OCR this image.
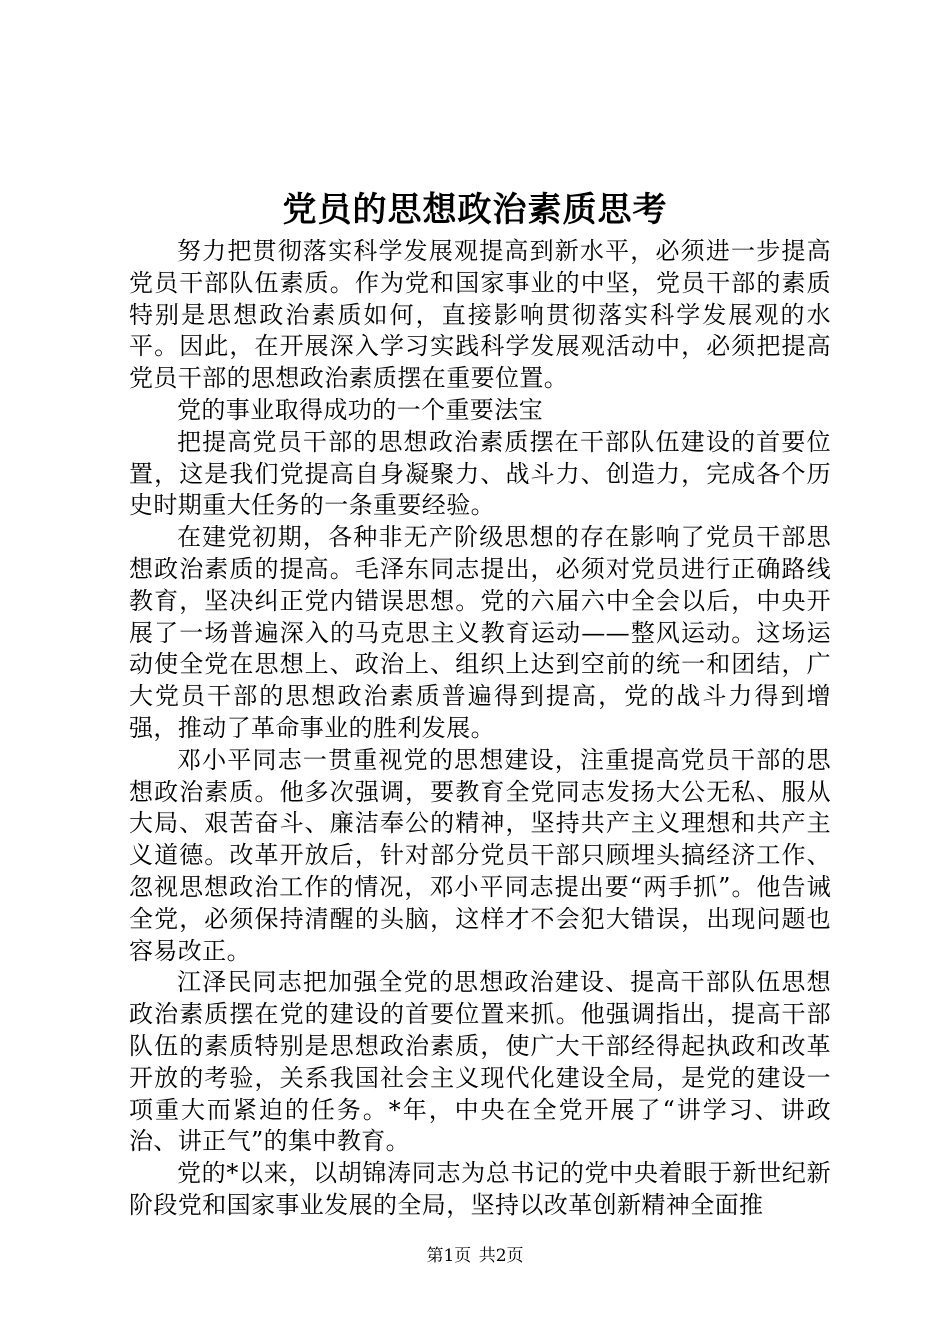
党员的思想政治素质思考

努力把贯彻落实科学发展观提高到新水平，必须进一步提高党员干部队伍素质。作为党和国家事业的中坚，党员干部的素质特别是思想政治素质如何，直接影响贯彻落实科学发展观的水平。因此，在开展深入学习实践科学发展观活动中，必须把提高党员干部的思想政治素质摆在重要位置。

党的事业取得成功的一个重要法宝

把提高党员干部的思想政治素质摆在干部队伍建设的首要位置，这是我们党提高自身凝聚力、战斗力、创造力，完成各个历史时期重大任务的一条重要经验。

在建党初期，各种非无产阶级思想的存在影响了党员干部思想政治素质的提高。毛泽东同志提出，必须对党员进行正确路线教育，坚决纠正党内错误思想。党的六届六中全会以后，中央开展了一场普遍深入的马克思主义教育运动——整风运动。这场运动使全党在思想上、政治上、组织上达到空前的统一和团结，广大党员干部的思想政治素质普遍得到提高，党的战斗力得到增强，推动了革命事业的胜利发展。

邓小平同志一贯重视党的思想建设，注重提高党员干部的思想政治素质。他多次强调，要教育全党同志发扬大公无私、服从大局、艰苦奋斗、廉洁奉公的精神，坚持共产主义理想和共产主义道德。改革开放后，针对部分党员干部只顾埋头搞经济工作、忽视思想政治工作的情况，邓小平同志提出要“两手抓”。他告诫全党，必须保持清醒的头脑，这样才不会犯大错误，出现问题也容易改正。

江泽民同志把加强全党的思想政治建设、提高干部队伍思想政治素质摆在党的建设的首要位置来抓。他强调指出，提高干部队伍的素质特别是思想政治素质，使广大干部经得起执政和改革开放的考验，关系我国社会主义现代化建设全局，是党的建设一项重大而紧迫的任务。*年，中央在全党开展了“讲学习、讲政治、讲正气”的集中教育。

党的*以来，以胡锦涛同志为总书记的党中央着眼于新世纪新阶段党和国家事业发展的全局，坚持以改革创新精神全面推

第1页 共2页
